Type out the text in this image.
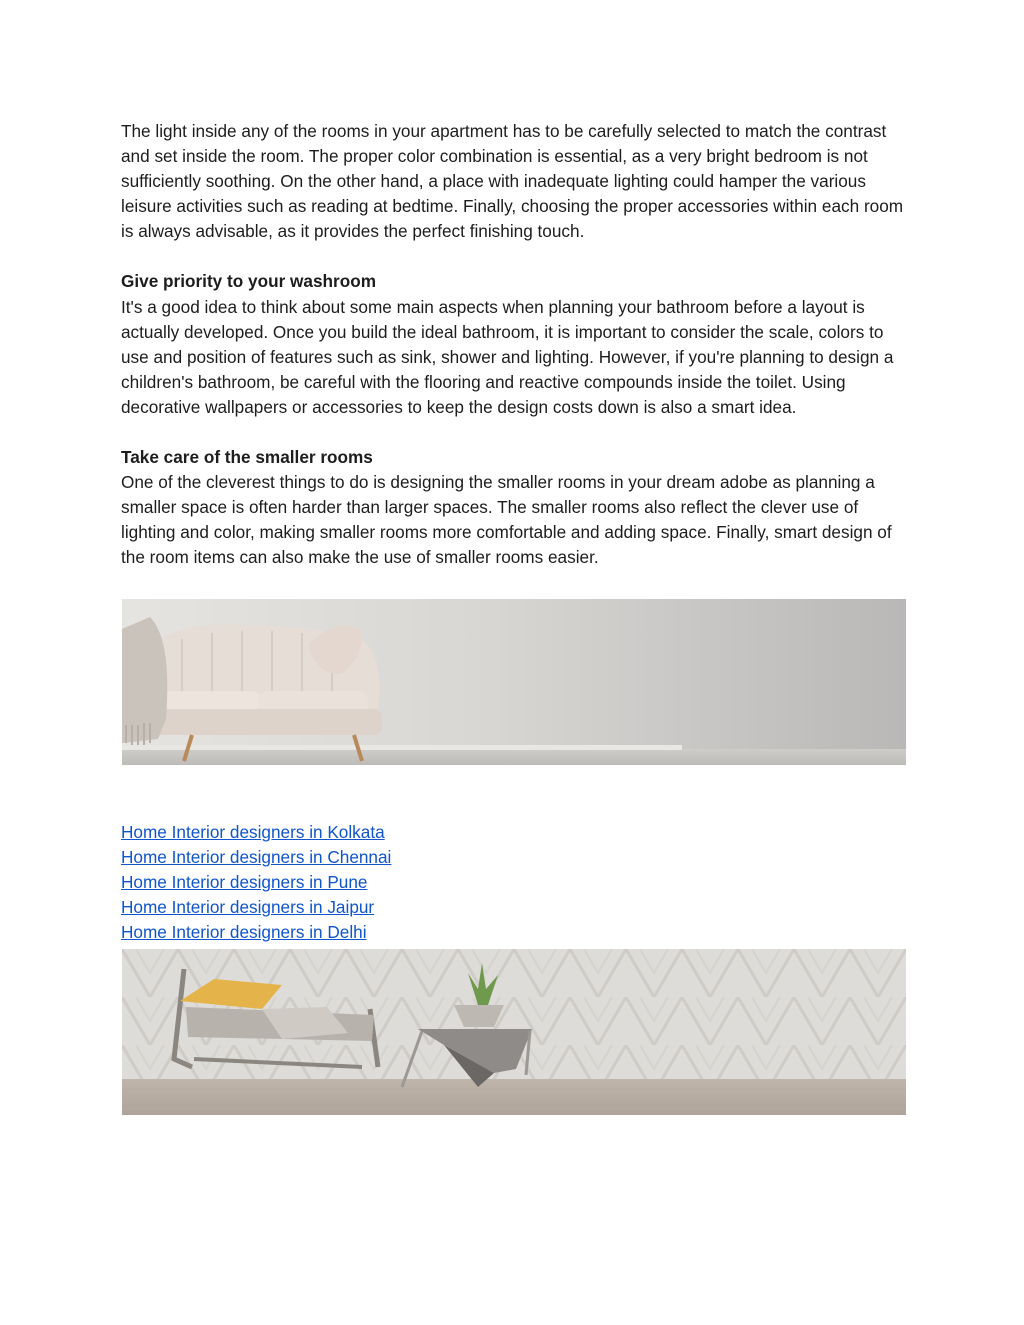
The light inside any of the rooms in your apartment has to be carefully selected to match the contrast and set inside the room. The proper color combination is essential, as a very bright bedroom is not sufficiently soothing. On the other hand, a place with inadequate lighting could hamper the various leisure activities such as reading at bedtime. Finally, choosing the proper accessories within each room is always advisable, as it provides the perfect finishing touch.

Give priority to your washroom

It's a good idea to think about some main aspects when planning your bathroom before a layout is actually developed. Once you build the ideal bathroom, it is important to consider the scale, colors to use and position of features such as sink, shower and lighting. However, if you're planning to design a children's bathroom, be careful with the flooring and reactive compounds inside the toilet. Using decorative wallpapers or accessories to keep the design costs down is also a smart idea.

Take care of the smaller rooms

One of the cleverest things to do is designing the smaller rooms in your dream adobe as planning a smaller space is often harder than larger spaces. The smaller rooms also reflect the clever use of lighting and color, making smaller rooms more comfortable and adding space. Finally, smart design of the room items can also make the use of smaller rooms easier.

Home Interior designers in Kolkata
Home Interior designers in Chennai
Home Interior designers in Pune
Home Interior designers in Jaipur
Home Interior designers in Delhi
